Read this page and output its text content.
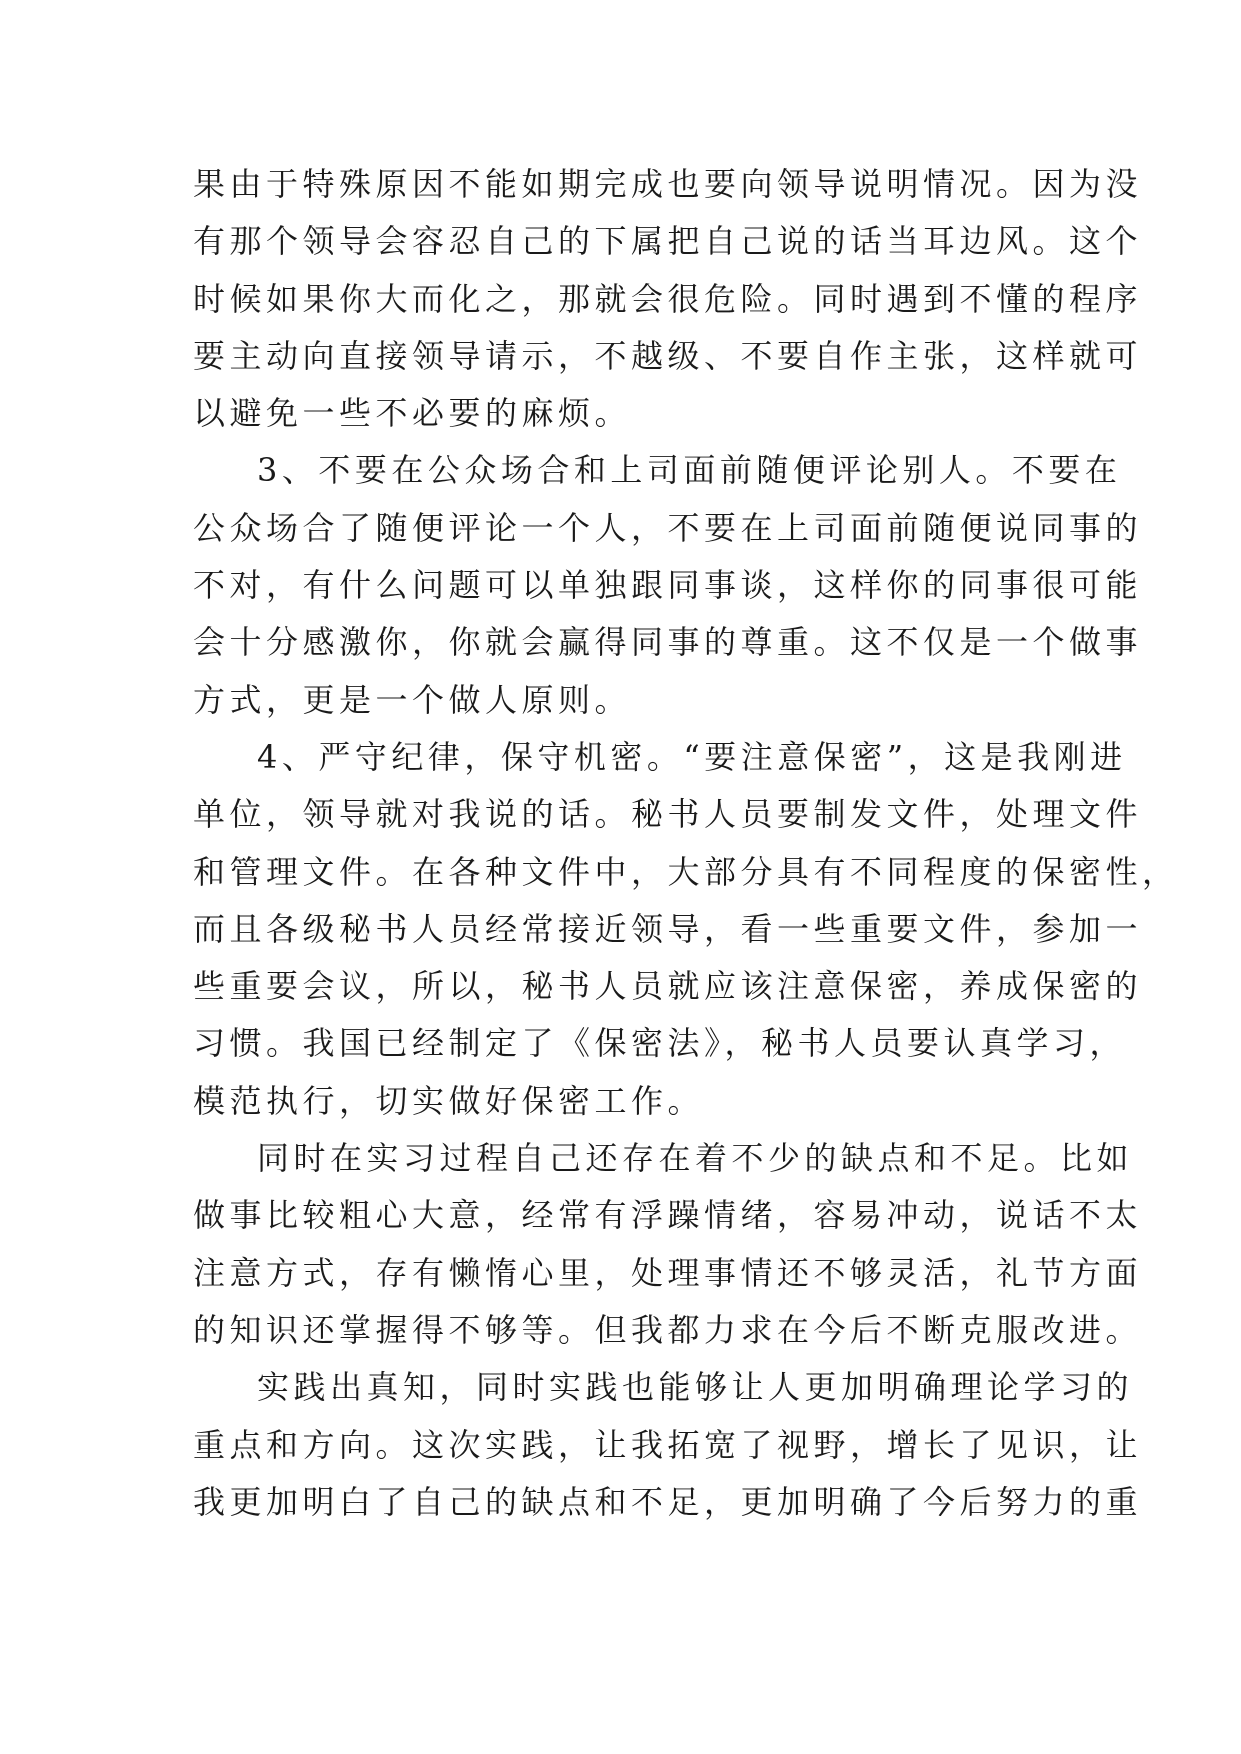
果由于特殊原因不能如期完成也要向领导说明情况。因为没

有那个领导会容忍自己的下属把自己说的话当耳边风。这个

时候如果你大而化之，那就会很危险。同时遇到不懂的程序

要主动向直接领导请示，不越级、不要自作主张，这样就可

以避免一些不必要的麻烦。

3、不要在公众场合和上司面前随便评论别人。不要在

公众场合了随便评论一个人，不要在上司面前随便说同事的

不对，有什么问题可以单独跟同事谈，这样你的同事很可能

会十分感激你，你就会赢得同事的尊重。这不仅是一个做事

方式，更是一个做人原则。

4、严守纪律，保守机密。“要注意保密”，这是我刚进

单位，领导就对我说的话。秘书人员要制发文件，处理文件

和管理文件。在各种文件中，大部分具有不同程度的保密性，

而且各级秘书人员经常接近领导，看一些重要文件，参加一

些重要会议，所以，秘书人员就应该注意保密，养成保密的

习惯。我国已经制定了《保密法》，秘书人员要认真学习，

模范执行，切实做好保密工作。

同时在实习过程自己还存在着不少的缺点和不足。比如

做事比较粗心大意，经常有浮躁情绪，容易冲动，说话不太

注意方式，存有懒惰心里，处理事情还不够灵活，礼节方面

的知识还掌握得不够等。但我都力求在今后不断克服改进。

实践出真知，同时实践也能够让人更加明确理论学习的

重点和方向。这次实践，让我拓宽了视野，增长了见识，让

我更加明白了自己的缺点和不足，更加明确了今后努力的重
